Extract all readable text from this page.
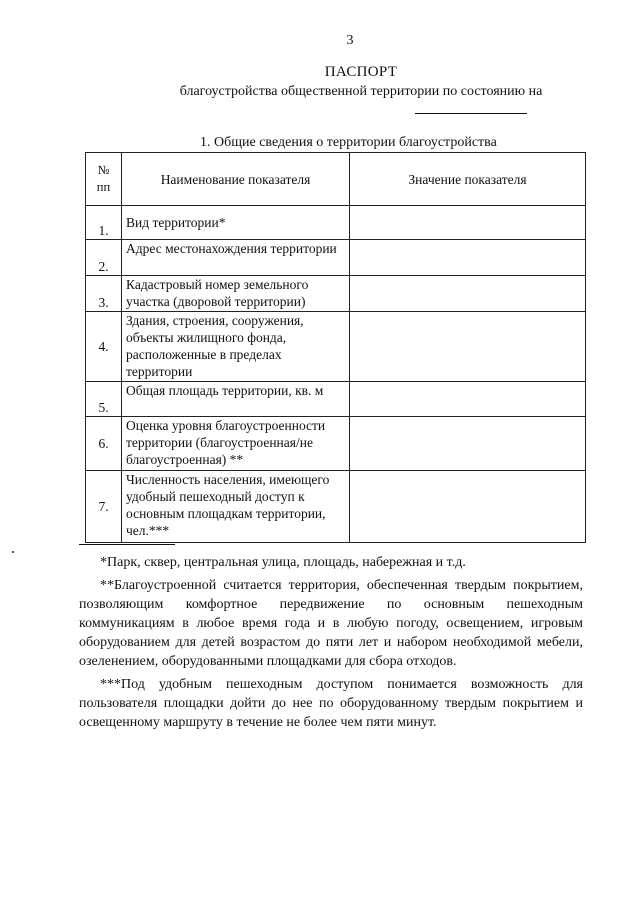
3
ПАСПОРТ
благоустройства общественной территории по состоянию на
1. Общие сведения о территории благоустройства
№
пп	Наименование показателя	Значение показателя
1.	Вид территории*	
2.	Адрес местонахождения территории	
3.	Кадастровый номер земельного участка (дворовой территории)	
4.	Здания, строения, сооружения, объекты жилищного фонда, расположенные в пределах территории	
5.	Общая площадь территории, кв. м	
6.	Оценка уровня благоустроенности территории (благоустроенная/не благоустроенная) **	
7.	Численность населения, имеющего удобный пешеходный доступ к основным площадкам территории, чел.***	

*Парк, сквер, центральная улица, площадь, набережная и т.д.

**Благоустроенной считается территория, обеспеченная твердым покрытием, позволяющим комфортное передвижение по основным пешеходным коммуникациям в любое время года и в любую погоду, освещением, игровым оборудованием для детей возрастом до пяти лет и набором необходимой мебели, озеленением, оборудованными площадками для сбора отходов.

***Под удобным пешеходным доступом понимается возможность для пользователя площадки дойти до нее по оборудованному твердым покрытием и освещенному маршруту в течение не более чем пяти минут.
